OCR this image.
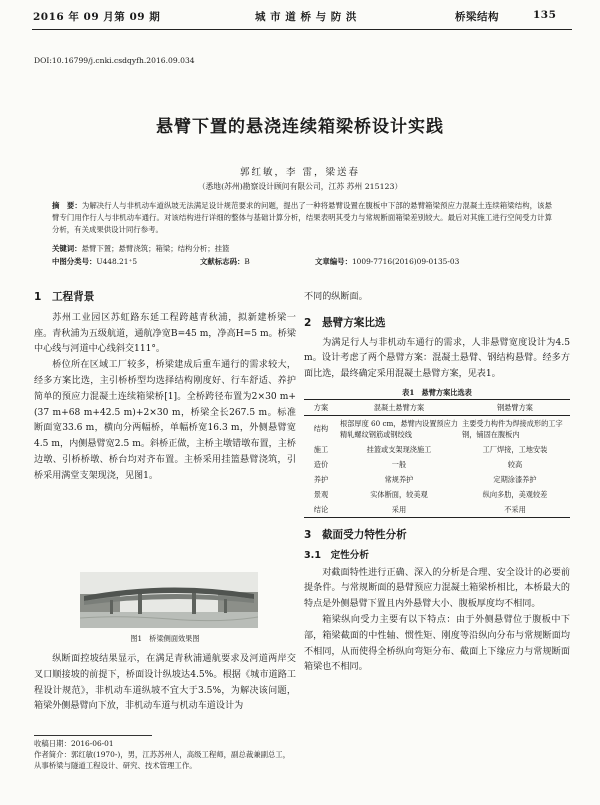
2016 年 09 月第 09 期	城 市 道 桥 与 防 洪	桥梁结构	135
DOI:10.16799/j.cnki.csdqyfh.2016.09.034
悬臂下置的悬浇连续箱梁桥设计实践
郭红敏，李 雷，梁送春
（悉地(苏州)勘察设计顾问有限公司，江苏 苏州 215123）
摘　要：为解决行人与非机动车道纵坡无法满足设计规范要求的问题，提出了一种将悬臂设置在腹板中下部的悬臂箱梁预应力混凝土连续箱梁结构，该悬臂专门用作行人与非机动车通行。对该结构进行详细的整体与基础计算分析，结果表明其受力与常规断面箱梁差别较大。最后对其施工进行空间受力计算分析，有关成果供设计同行参考。
关键词：悬臂下置；悬臂浇筑；箱梁；结构分析；挂篮
中图分类号：U448.21⁺5	文献标志码：B	文章编号：1009-7716(2016)09-0135-03
1　工程背景

苏州工业园区苏虹路东延工程跨越青秋浦，拟新建桥梁一座。青秋浦为五级航道，通航净宽B=45 m，净高H=5 m。桥梁中心线与河道中心线斜交111°。

桥位所在区域工厂较多，桥梁建成后重车通行的需求较大，经多方案比选，主引桥桥型均选择结构刚度好、行车舒适、养护简单的预应力混凝土连续箱梁桥[1]。全桥跨径布置为2×30 m+(37 m+68 m+42.5 m)+2×30 m，桥梁全长267.5 m。标准断面宽33.6 m，横向分两幅桥，单幅桥宽16.3 m，外侧悬臂宽4.5 m，内侧悬臂宽2.5 m。斜桥正做，主桥主墩错墩布置，主桥边墩、引桥桥墩、桥台均对齐布置。主桥采用挂篮悬臂浇筑，引桥采用满堂支架现浇，见图1。

图1　桥梁侧面效果图

纵断面控坡结果显示，在满足青秋浦通航要求及河道两岸交叉口顺接坡的前提下，桥面设计纵坡达4.5%。根据《城市道路工程设计规范》，非机动车道纵坡不宜大于3.5%，为解决该问题，箱梁外侧悬臂向下放，非机动车道与机动车道设计为

收稿日期：2016-06-01
作者简介：郭红敏(1970-)，男，江苏苏州人，高级工程师，副总裁兼副总工，从事桥梁与隧道工程设计、研究、技术管理工作。
不同的纵断面。
2　悬臂方案比选

为满足行人与非机动车通行的需求，人非悬臂宽度设计为4.5 m。设计考虑了两个悬臂方案：混凝土悬臂、钢结构悬臂。经多方面比选，最终确定采用混凝土悬臂方案，见表1。

表1　悬臂方案比选表
方案	混凝土悬臂方案	钢悬臂方案
结构	根部厚度 60 cm，悬臂内设置预应力精轧螺纹钢筋或钢绞线	主要受力构件为焊接成形的工字钢，铺固在腹板内
施工	挂篮或支架现浇施工	工厂焊接，工地安装
造价	一般	较高
养护	常规养护	定期涂漆养护
景观	实体断面，较美观	纵向多肋，美观较差
结论	采用	不采用
3　截面受力特性分析
3.1　定性分析

对截面特性进行正确、深入的分析是合理、安全设计的必要前提条件。与常规断面的悬臂预应力混凝土箱梁桥相比，本桥最大的特点是外侧悬臂下置且内外悬臂大小、腹板厚度均不相同。

箱梁纵向受力主要有以下特点：由于外侧悬臂位于腹板中下部，箱梁截面的中性轴、惯性矩、刚度等沿纵向分布与常规断面均不相同，从而使得全桥纵向弯矩分布、截面上下缘应力与常规断面箱梁也不相同。
